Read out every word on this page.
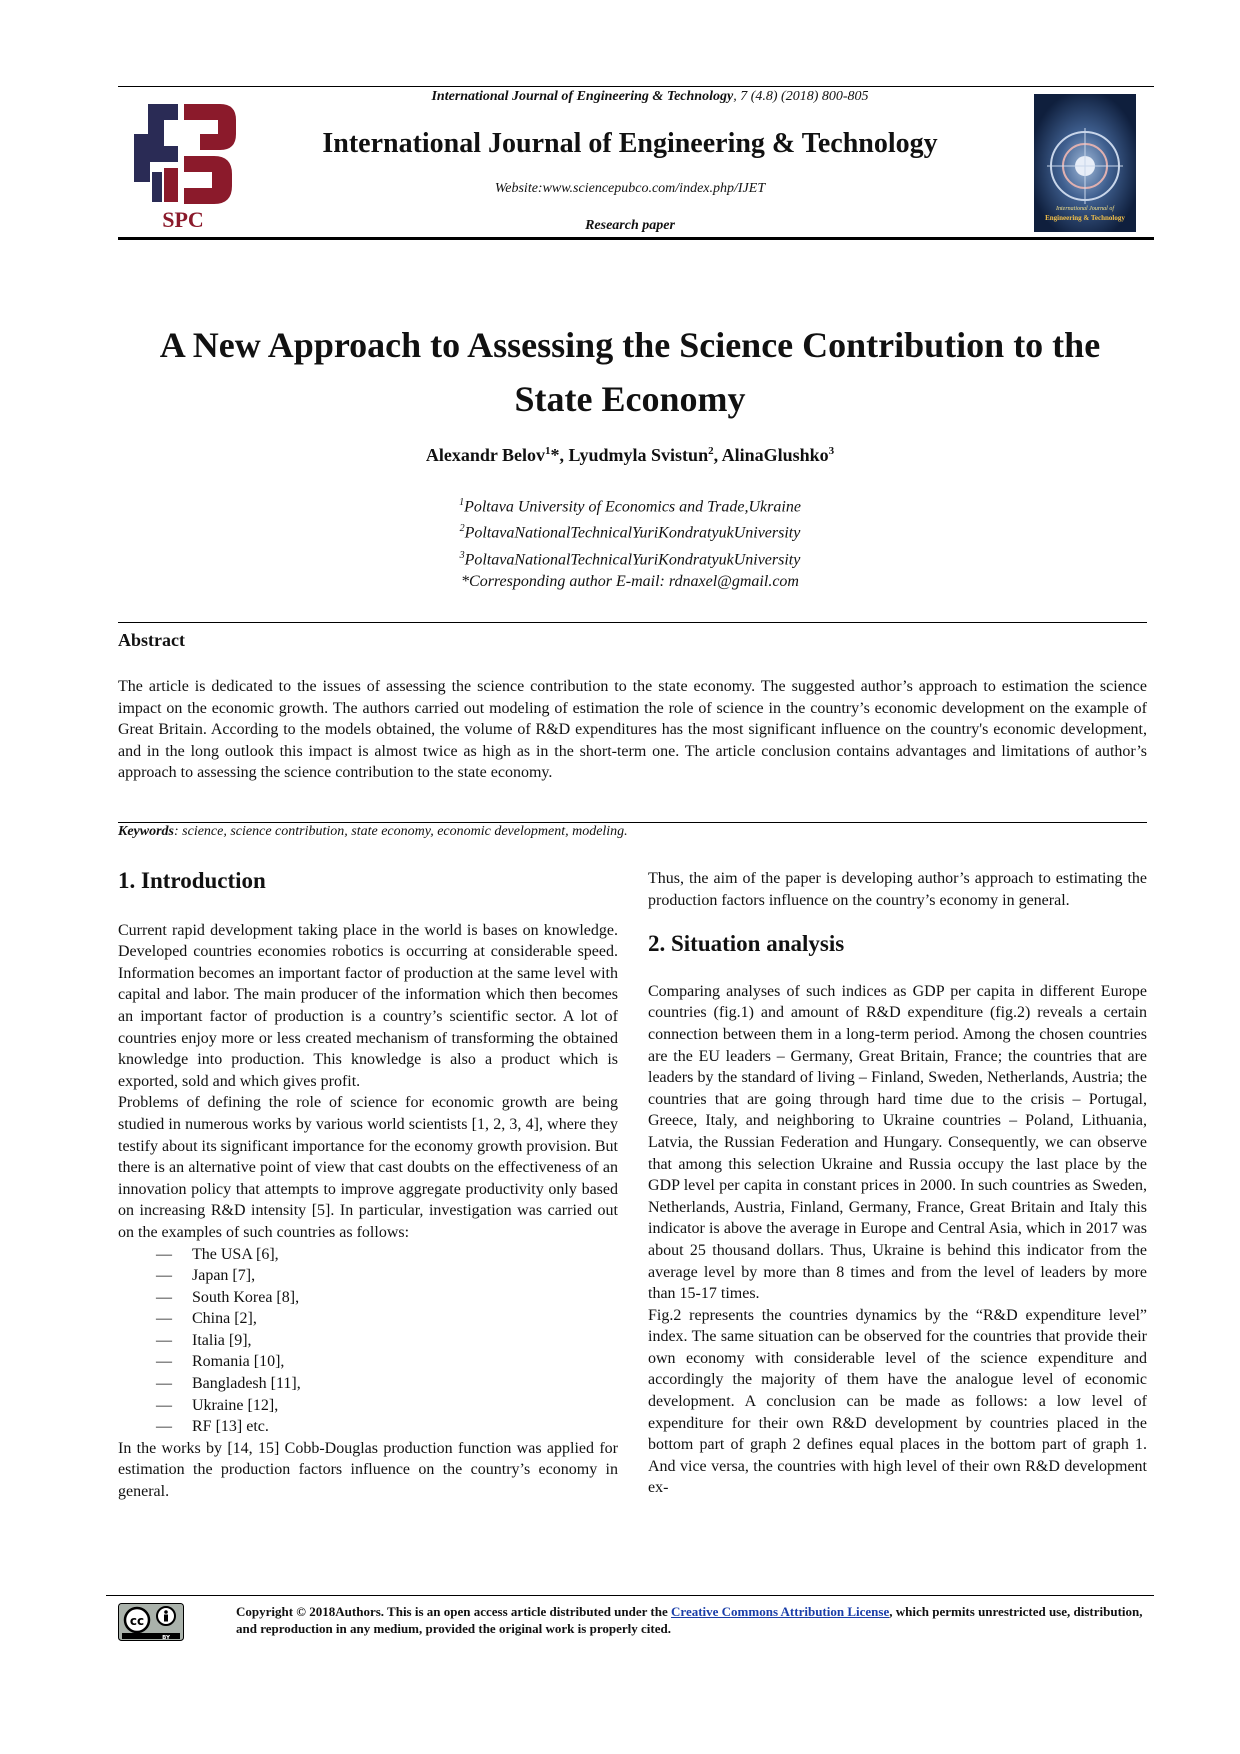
SPC
International Journal of Engineering & Technology, 7 (4.8) (2018) 800-805
International Journal of Engineering & Technology
Website:www.sciencepubco.com/index.php/IJET
Research paper
International Journal of
Engineering & Technology
A New Approach to Assessing the Science Contribution to the
State Economy
Alexandr Belov$^1$*, Lyudmyla Svistun$^2$, AlinaGlushko$^3$
$^1$Poltava University of Economics and Trade,Ukraine
$^2$PoltavaNationalTechnicalYuriKondratyukUniversity
$^3$PoltavaNationalTechnicalYuriKondratyukUniversity
*Corresponding author E-mail: rdnaxel@gmail.com
Abstract
The article is dedicated to the issues of assessing the science contribution to the state economy. The suggested author’s approach to estimation the science impact on the economic growth. The authors carried out modeling of estimation the role of science in the country’s economic development on the example of Great Britain. According to the models obtained, the volume of R&D expenditures has the most significant influence on the country's economic development, and in the long outlook this impact is almost twice as high as in the short-term one. The article conclusion contains advantages and limitations of author’s approach to assessing the science contribution to the state economy.
Keywords: science, science contribution, state economy, economic development, modeling.
1. Introduction

Current rapid development taking place in the world is bases on knowledge. Developed countries economies robotics is occurring at considerable speed. Information becomes an important factor of production at the same level with capital and labor. The main producer of the information which then becomes an important factor of production is a country’s scientific sector. A lot of countries enjoy more or less created mechanism of transforming the obtained knowledge into production. This knowledge is also a product which is exported, sold and which gives profit.

Problems of defining the role of science for economic growth are being studied in numerous works by various world scientists [1, 2, 3, 4], where they testify about its significant importance for the economy growth provision. But there is an alternative point of view that cast doubts on the effectiveness of an innovation policy that attempts to improve aggregate productivity only based on increasing R&D intensity [5]. In particular, investigation was carried out on the examples of such countries as follows:

— The USA [6],
— Japan [7],
— South Korea [8],
— China [2],
— Italia [9],
— Romania [10],
— Bangladesh [11],
— Ukraine [12],
— RF [13] etc.

In the works by [14, 15] Cobb-Douglas production function was applied for estimation the production factors influence on the country’s economy in general.

Thus, the aim of the paper is developing author’s approach to estimating the production factors influence on the country’s economy in general.

2. Situation analysis

Comparing analyses of such indices as GDP per capita in different Europe countries (fig.1) and amount of R&D expenditure (fig.2) reveals a certain connection between them in a long-term period. Among the chosen countries are the EU leaders – Germany, Great Britain, France; the countries that are leaders by the standard of living – Finland, Sweden, Netherlands, Austria; the countries that are going through hard time due to the crisis – Portugal, Greece, Italy, and neighboring to Ukraine countries – Poland, Lithuania, Latvia, the Russian Federation and Hungary. Consequently, we can observe that among this selection Ukraine and Russia occupy the last place by the GDP level per capita in constant prices in 2000. In such countries as Sweden, Netherlands, Austria, Finland, Germany, France, Great Britain and Italy this indicator is above the average in Europe and Central Asia, which in 2017 was about 25 thousand dollars. Thus, Ukraine is behind this indicator from the average level by more than 8 times and from the level of leaders by more than 15-17 times.

Fig.2 represents the countries dynamics by the “R&D expenditure level” index. The same situation can be observed for the countries that provide their own economy with considerable level of the science expenditure and accordingly the majority of them have the analogue level of economic development. A conclusion can be made as follows: a low level of expenditure for their own R&D development by countries placed in the bottom part of graph 2 defines equal places in the bottom part of graph 1. And vice versa, the countries with high level of their own R&D development ex-

cc
BY
Copyright © 2018Authors. This is an open access article distributed under the Creative Commons Attribution License, which permits unrestricted use, distribution, and reproduction in any medium, provided the original work is properly cited.
